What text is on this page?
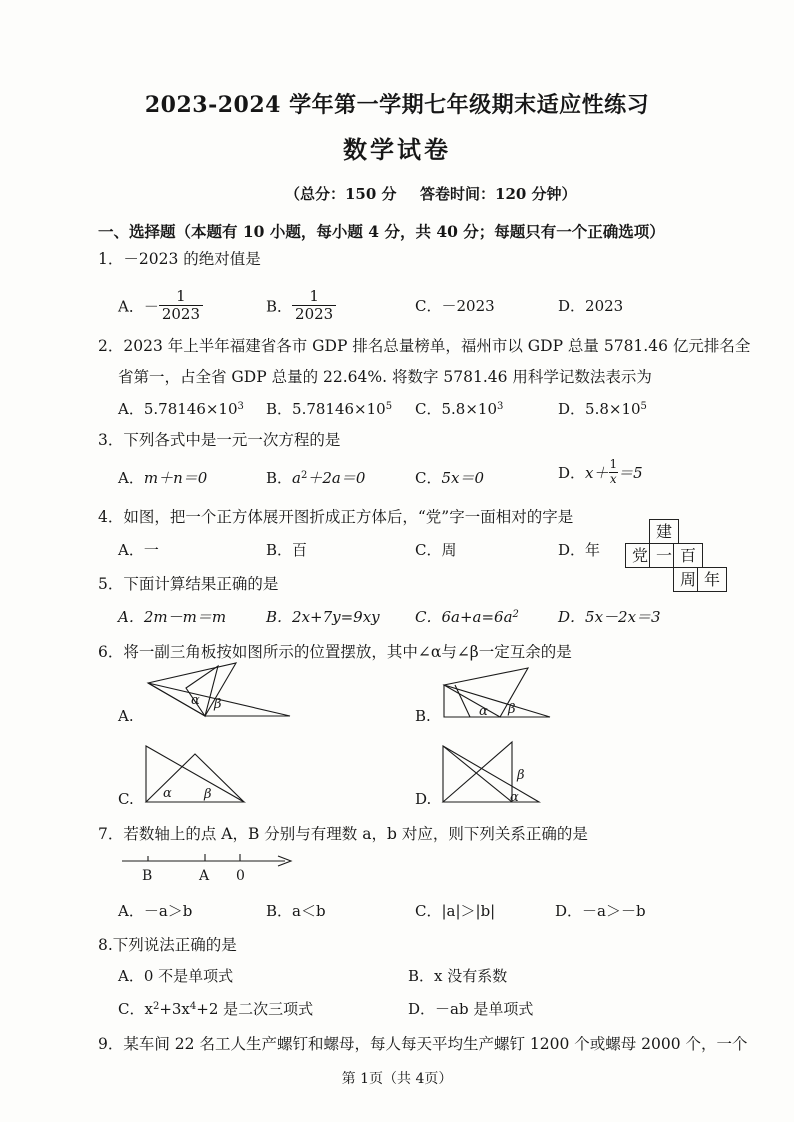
2023-2024 学年第一学期七年级期末适应性练习
数学试卷
（总分：150 分 答卷时间：120 分钟）
一、选择题（本题有 10 小题，每小题 4 分，共 40 分；每题只有一个正确选项）
1．－2023 的绝对值是
A．－ $\frac{1}{2023}$	B． $\frac{1}{2023}$	C．－2023	D．2023
2．2023 年上半年福建省各市 GDP 排名总量榜单，福州市以 GDP 总量 5781.46 亿元排名全
省第一，占全省 GDP 总量的 22.64%. 将数字 5781.46 用科学记数法表示为
A．$5.78146\times 10^3$ B．$5.78146\times 10^5$ C．$5.8\times 10^3$	D．$5.8\times 10^5$
3．下列各式中是一元一次方程的是
A．m＋n＝0	B．$a^2+2a=0$	C．5x＝0	D．$x+ \frac{1}{x} =5$
4．如图，把一个正方体展开图折成正方体后，“党”字一面相对的字是
A．一	B．百	C．周	D．年
建
党 一 百
周 年
5．下面计算结果正确的是
A．2m－m＝m	B．2x+7y=9xy C．$6a+a=6a^2$	D．5x－2x＝3
6．将一副三角板按如图所示的位置摆放，其中∠α与∠β一定互余的是
A.	B.
C.	D.
α β	α β
α β	α
β
B	A 0
7．若数轴上的点 A，B 分别与有理数 a，b 对应，则下列关系正确的是
A．－a＞b	B．a＜b	C．|a|＞|b|	D．－a＞－b
8.下列说法正确的是
A．0 不是单项式	B．x 没有系数
C．$x^2+3x^4+2$ 是二次三项式	D．－ab 是单项式
9．某车间 22 名工人生产螺钉和螺母，每人每天平均生产螺钉 1200 个或螺母 2000 个，一个
第 1页（共 4页）
